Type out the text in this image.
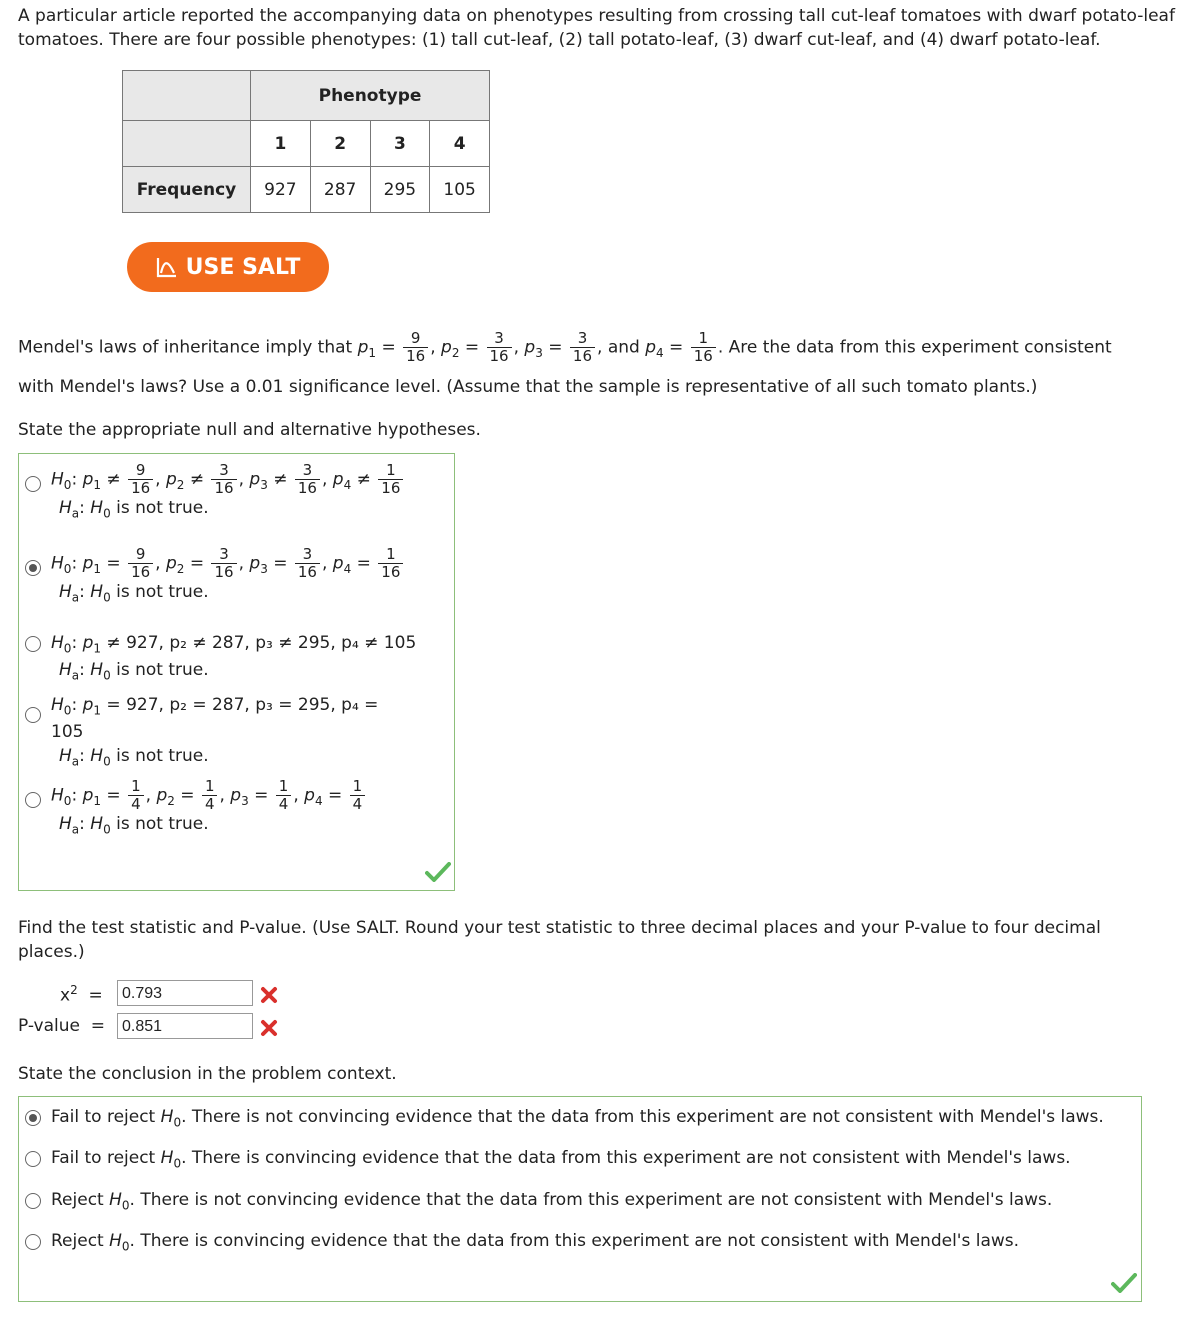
A particular article reported the accompanying data on phenotypes resulting from crossing tall cut-leaf tomatoes with dwarf potato-leaf tomatoes. There are four possible phenotypes: (1) tall cut-leaf, (2) tall potato-leaf, (3) dwarf cut-leaf, and (4) dwarf potato-leaf.
	Phenotype			
	1	2	3	4
Frequency	927	287	295	105
USE SALT
Mendel's laws of inheritance imply that $p_1 = \frac{9}{16}$ , $p_2 = \frac{3}{16}$ , $p_3 = \frac{3}{16}$ , and $p_4 = \frac{1}{16}$ . Are the data from this experiment consistent
with Mendel's laws? Use a 0.01 significance level. (Assume that the sample is representative of all such tomato plants.)
State the appropriate null and alternative hypotheses.
$H_0$: $p_1 \ne \frac{9}{16}$ , $p_2 \ne \frac{3}{16}$ , $p_3 \ne \frac{3}{16}$ , $p_4 \ne \frac{1}{16}$
$H_a$: $H_0$ is not true.
$H_0$: $p_1 = \frac{9}{16}$ , $p_2 = \frac{3}{16}$ , $p_3 = \frac{3}{16}$ , $p_4 = \frac{1}{16}$
$H_a$: $H_0$ is not true.
$H_0$: $p_1 \ne 927$, p₂ ≠ 287, p₃ ≠ 295, p₄ ≠ 105
$H_a$: $H_0$ is not true.
$H_0$: $p_1 = 927$, p₂ = 287, p₃ = 295, p₄ =
105
$H_a$: $H_0$ is not true.
$H_0$: $p_1 = \frac{1}{4}$ , $p_2 = \frac{1}{4}$ , $p_3 = \frac{1}{4}$ , $p_4 = \frac{1}{4}$
$H_a$: $H_0$ is not true.
Find the test statistic and P-value. (Use SALT. Round your test statistic to three decimal places and your P-value to four decimal places.)
$x^2$  =	0.793
P-value  =	0.851
State the conclusion in the problem context.
Fail to reject $H_0$. There is not convincing evidence that the data from this experiment are not consistent with Mendel's laws.
Fail to reject $H_0$. There is convincing evidence that the data from this experiment are not consistent with Mendel's laws.
Reject $H_0$. There is not convincing evidence that the data from this experiment are not consistent with Mendel's laws.
Reject $H_0$. There is convincing evidence that the data from this experiment are not consistent with Mendel's laws.
